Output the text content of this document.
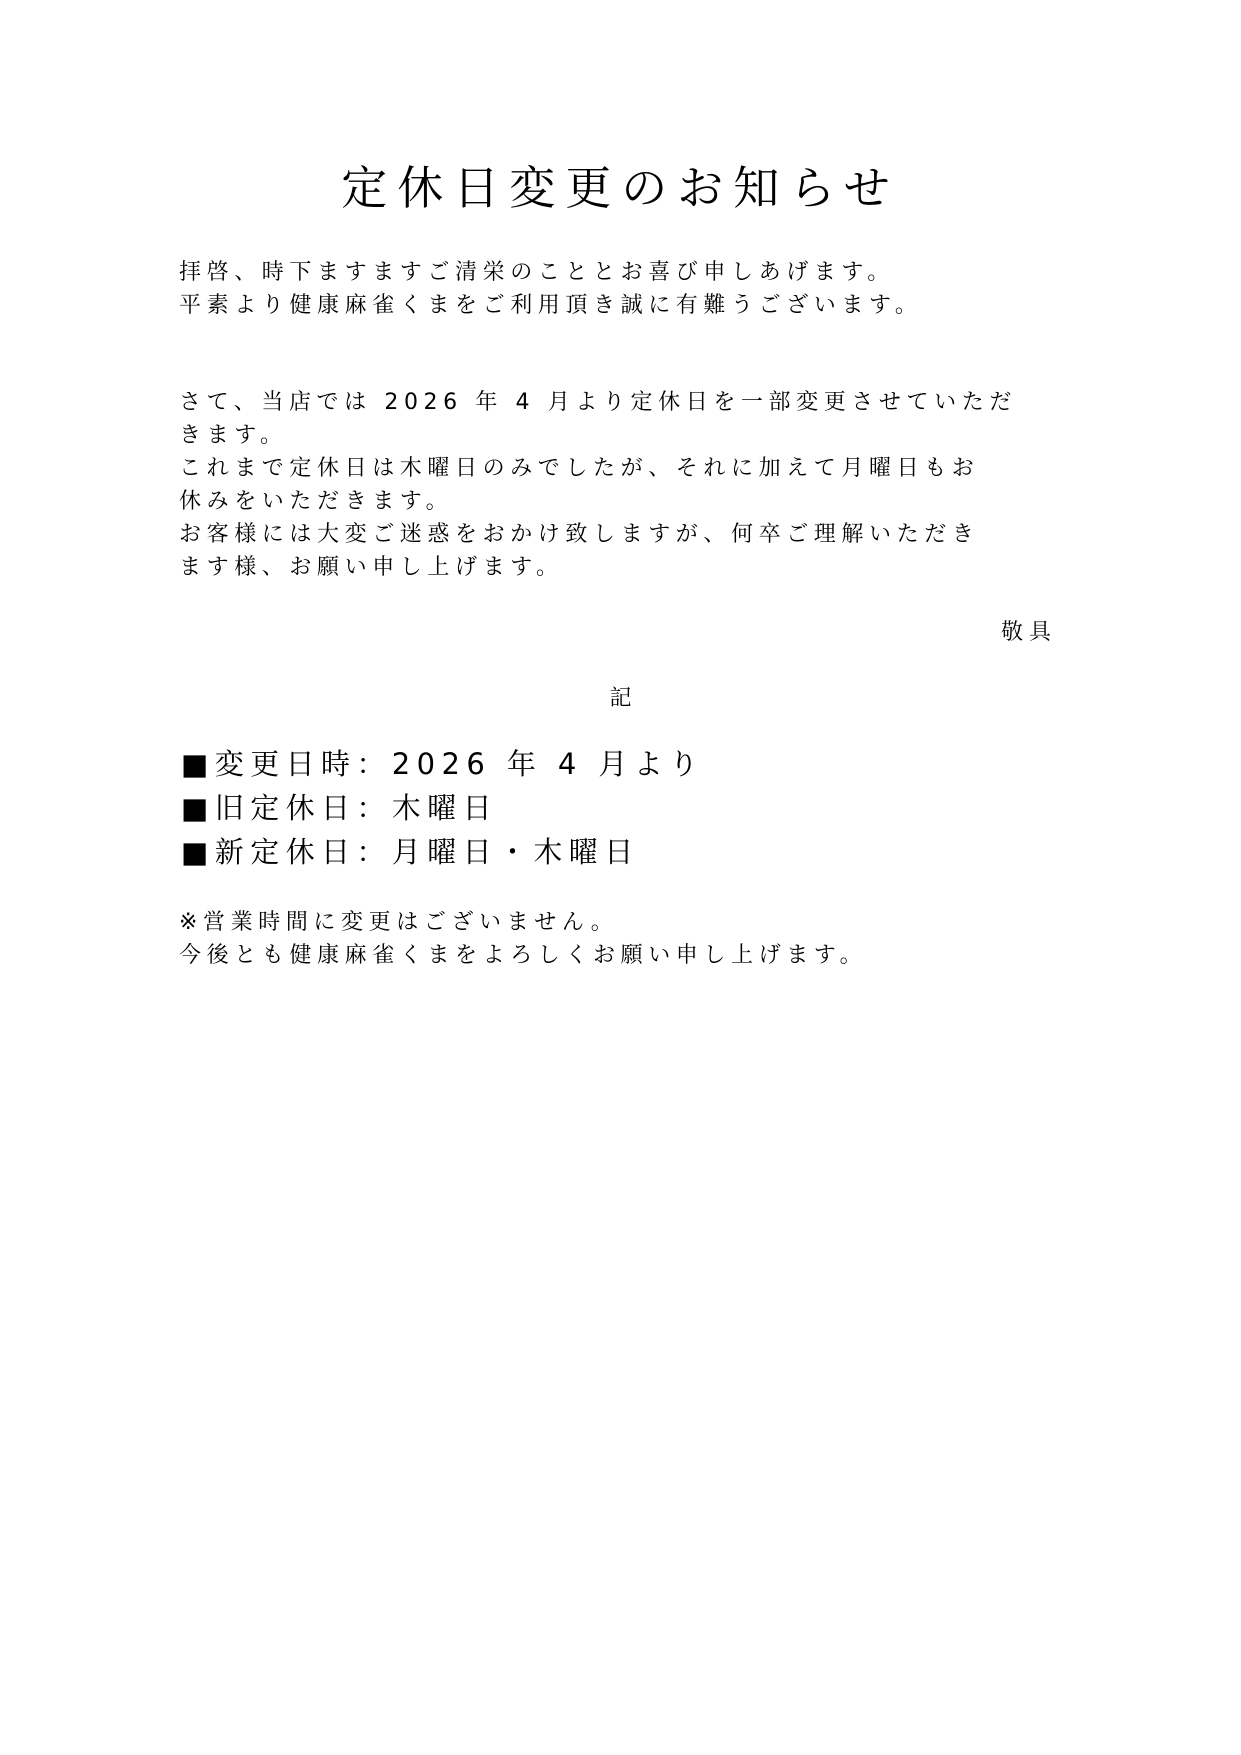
定休日変更のお知らせ
拝啓、時下ますますご清栄のこととお喜び申しあげます。
平素より健康麻雀くまをご利用頂き誠に有難うございます。
さて、当店では 2026 年 4 月より定休日を一部変更させていただ
きます。
これまで定休日は木曜日のみでしたが、それに加えて月曜日もお
休みをいただきます。
お客様には大変ご迷惑をおかけ致しますが、何卒ご理解いただき
ます様、お願い申し上げます。
敬具
記
■変更日時：2026 年 4 月より
■旧定休日：木曜日
■新定休日：月曜日・木曜日
※営業時間に変更はございません。
今後とも健康麻雀くまをよろしくお願い申し上げます。
